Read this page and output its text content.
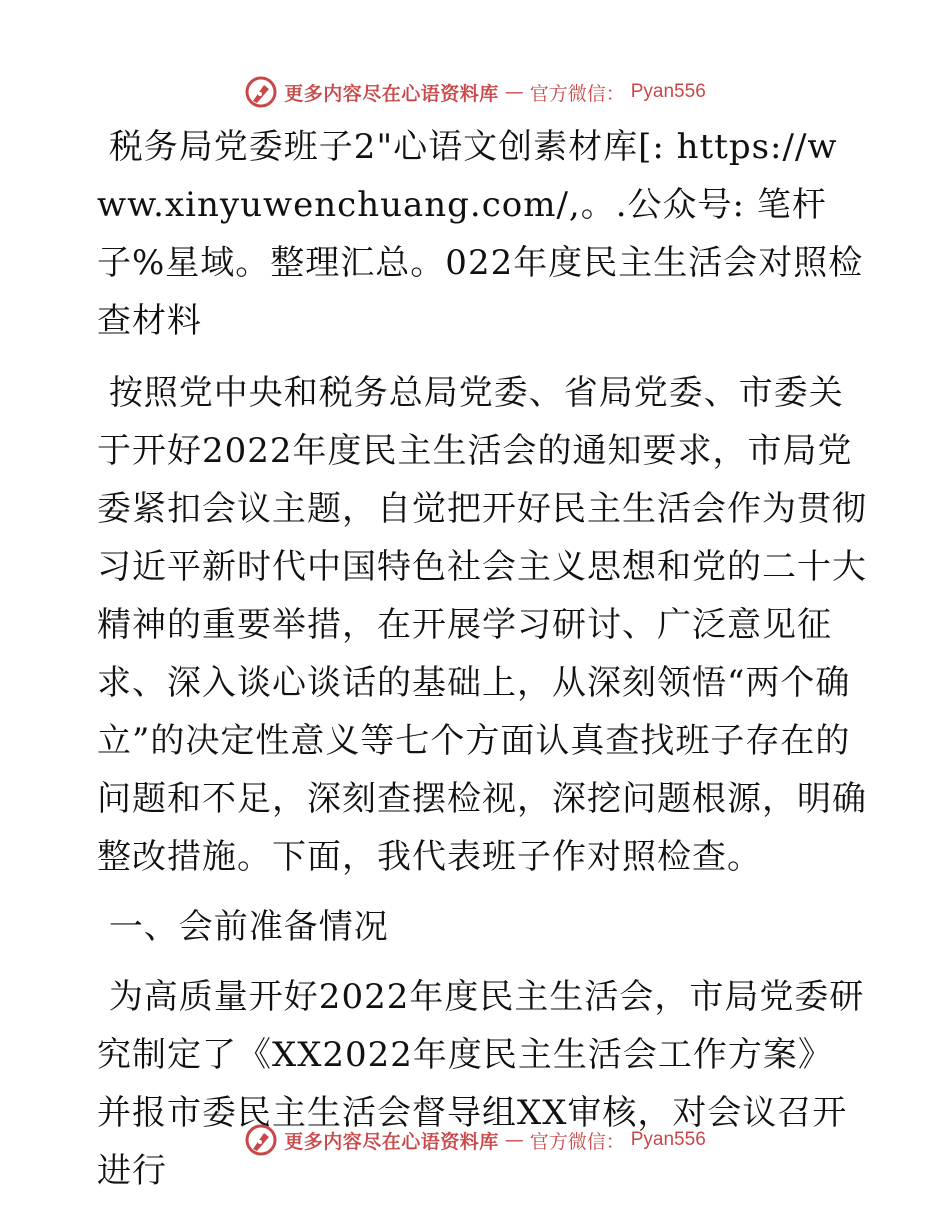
更多内容尽在心语资料库 — 官方微信： Pyan556

税务局党委班子2"心语文创素材库[: https://www.xinyuwenchuang.com/,。.公众号: 笔杆子%星域。整理汇总。022年度民主生活会对照检查材料

按照党中央和税务总局党委、省局党委、市委关于开好2022年度民主生活会的通知要求，市局党委紧扣会议主题，自觉把开好民主生活会作为贯彻习近平新时代中国特色社会主义思想和党的二十大精神的重要举措，在开展学习研讨、广泛意见征求、深入谈心谈话的基础上，从深刻领悟“两个确立”的决定性意义等七个方面认真查找班子存在的问题和不足，深刻查摆检视，深挖问题根源，明确整改措施。下面，我代表班子作对照检查。

一、会前准备情况

为高质量开好2022年度民主生活会，市局党委研究制定了《XX2022年度民主生活会工作方案》并报市委民主生活会督导组XX审核，对会议召开进行

更多内容尽在心语资料库 — 官方微信： Pyan556
